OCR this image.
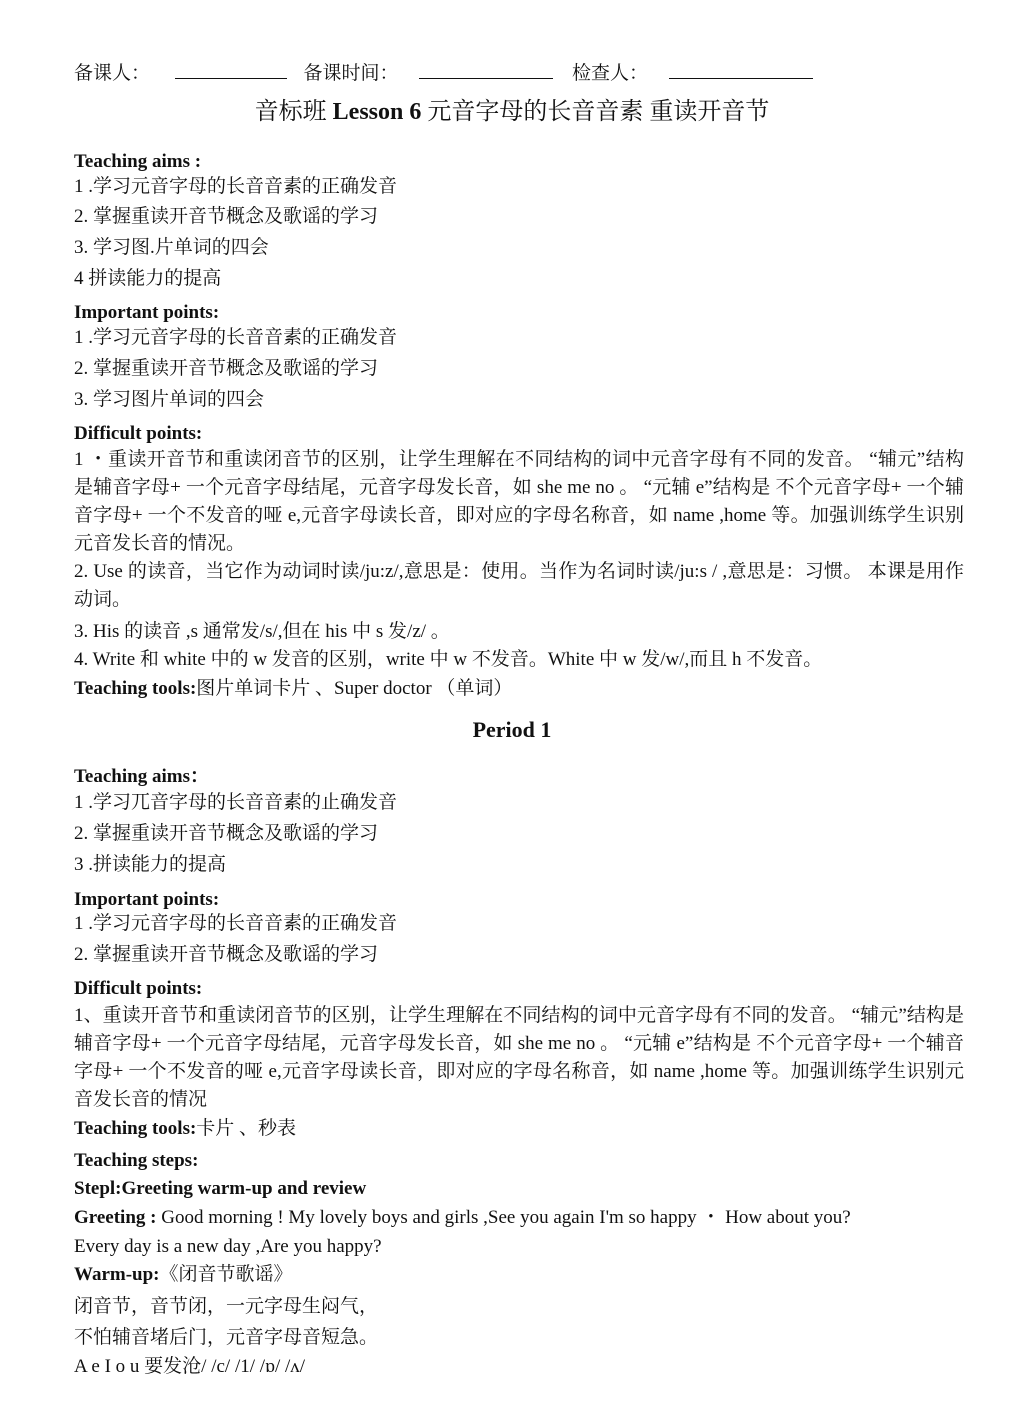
备课人：	备课时间：	检查人：
音标班 Lesson 6 元音字母的长音音素 重读开音节
Teaching aims :
1 .学习元音字母的长音音素的正确发音
2. 掌握重读开音节概念及歌谣的学习
3. 学习图.片单词的四会
4 拼读能力的提高
Important points:
1 .学习元音字母的长音音素的正确发音
2. 掌握重读开音节概念及歌谣的学习
3. 学习图片单词的四会
Difficult points:
1 ・重读开音节和重读闭音节的区别，让学生理解在不同结构的词中元音字母有不同的发音。 “辅元”结构是辅音字母+ 一个元音字母结尾，元音字母发长音，如 she me no 。 “元辅 e”结构是 不个元音字母+ 一个辅音字母+ 一个不发音的哑 e,元音字母读长音，即对应的字母名称音，如 name ,home 等。加强训练学生识别元音发长音的情况。
2. Use 的读音，当它作为动词时读/ju:z/,意思是：使用。当作为名词时读/ju:s / ,意思是：习惯。 本课是用作动词。
3. His 的读音 ,s 通常发/s/,但在 his 中 s 发/z/ 。
4. Write 和 white 中的 w 发音的区别，write 中 w 不发音。White 中 w 发/w/,而且 h 不发音。
Teaching tools:图片单词卡片 、Super doctor （单词）
Period 1
Teaching aims：
1 .学习兀音字母的长音音素的止确发音
2. 掌握重读开音节概念及歌谣的学习
3 .拼读能力的提高
Important points:
1 .学习元音字母的长音音素的正确发音
2. 掌握重读开音节概念及歌谣的学习
Difficult points:
1、重读开音节和重读闭音节的区别，让学生理解在不同结构的词中元音字母有不同的发音。 “辅元”结构是辅音字母+ 一个元音字母结尾，元音字母发长音，如 she me no 。 “元辅 e”结构是 不个元音字母+ 一个辅音字母+ 一个不发音的哑 e,元音字母读长音，即对应的字母名称音，如 name ,home 等。加强训练学生识别元音发长音的情况
Teaching tools:卡片 、秒表
Teaching steps:
Stepl:Greeting warm-up and review
Greeting : Good morning ! My lovely boys and girls ,See you again I'm so happy ・ How about you?
Every day is a new day ,Are you happy?
Warm-up:《闭音节歌谣》
闭音节，音节闭，一元字母生闷气，
不怕辅音堵后门，元音字母音短急。
A e I o u 要发沧/ /c/ /1/ /ɒ/ /ʌ/
